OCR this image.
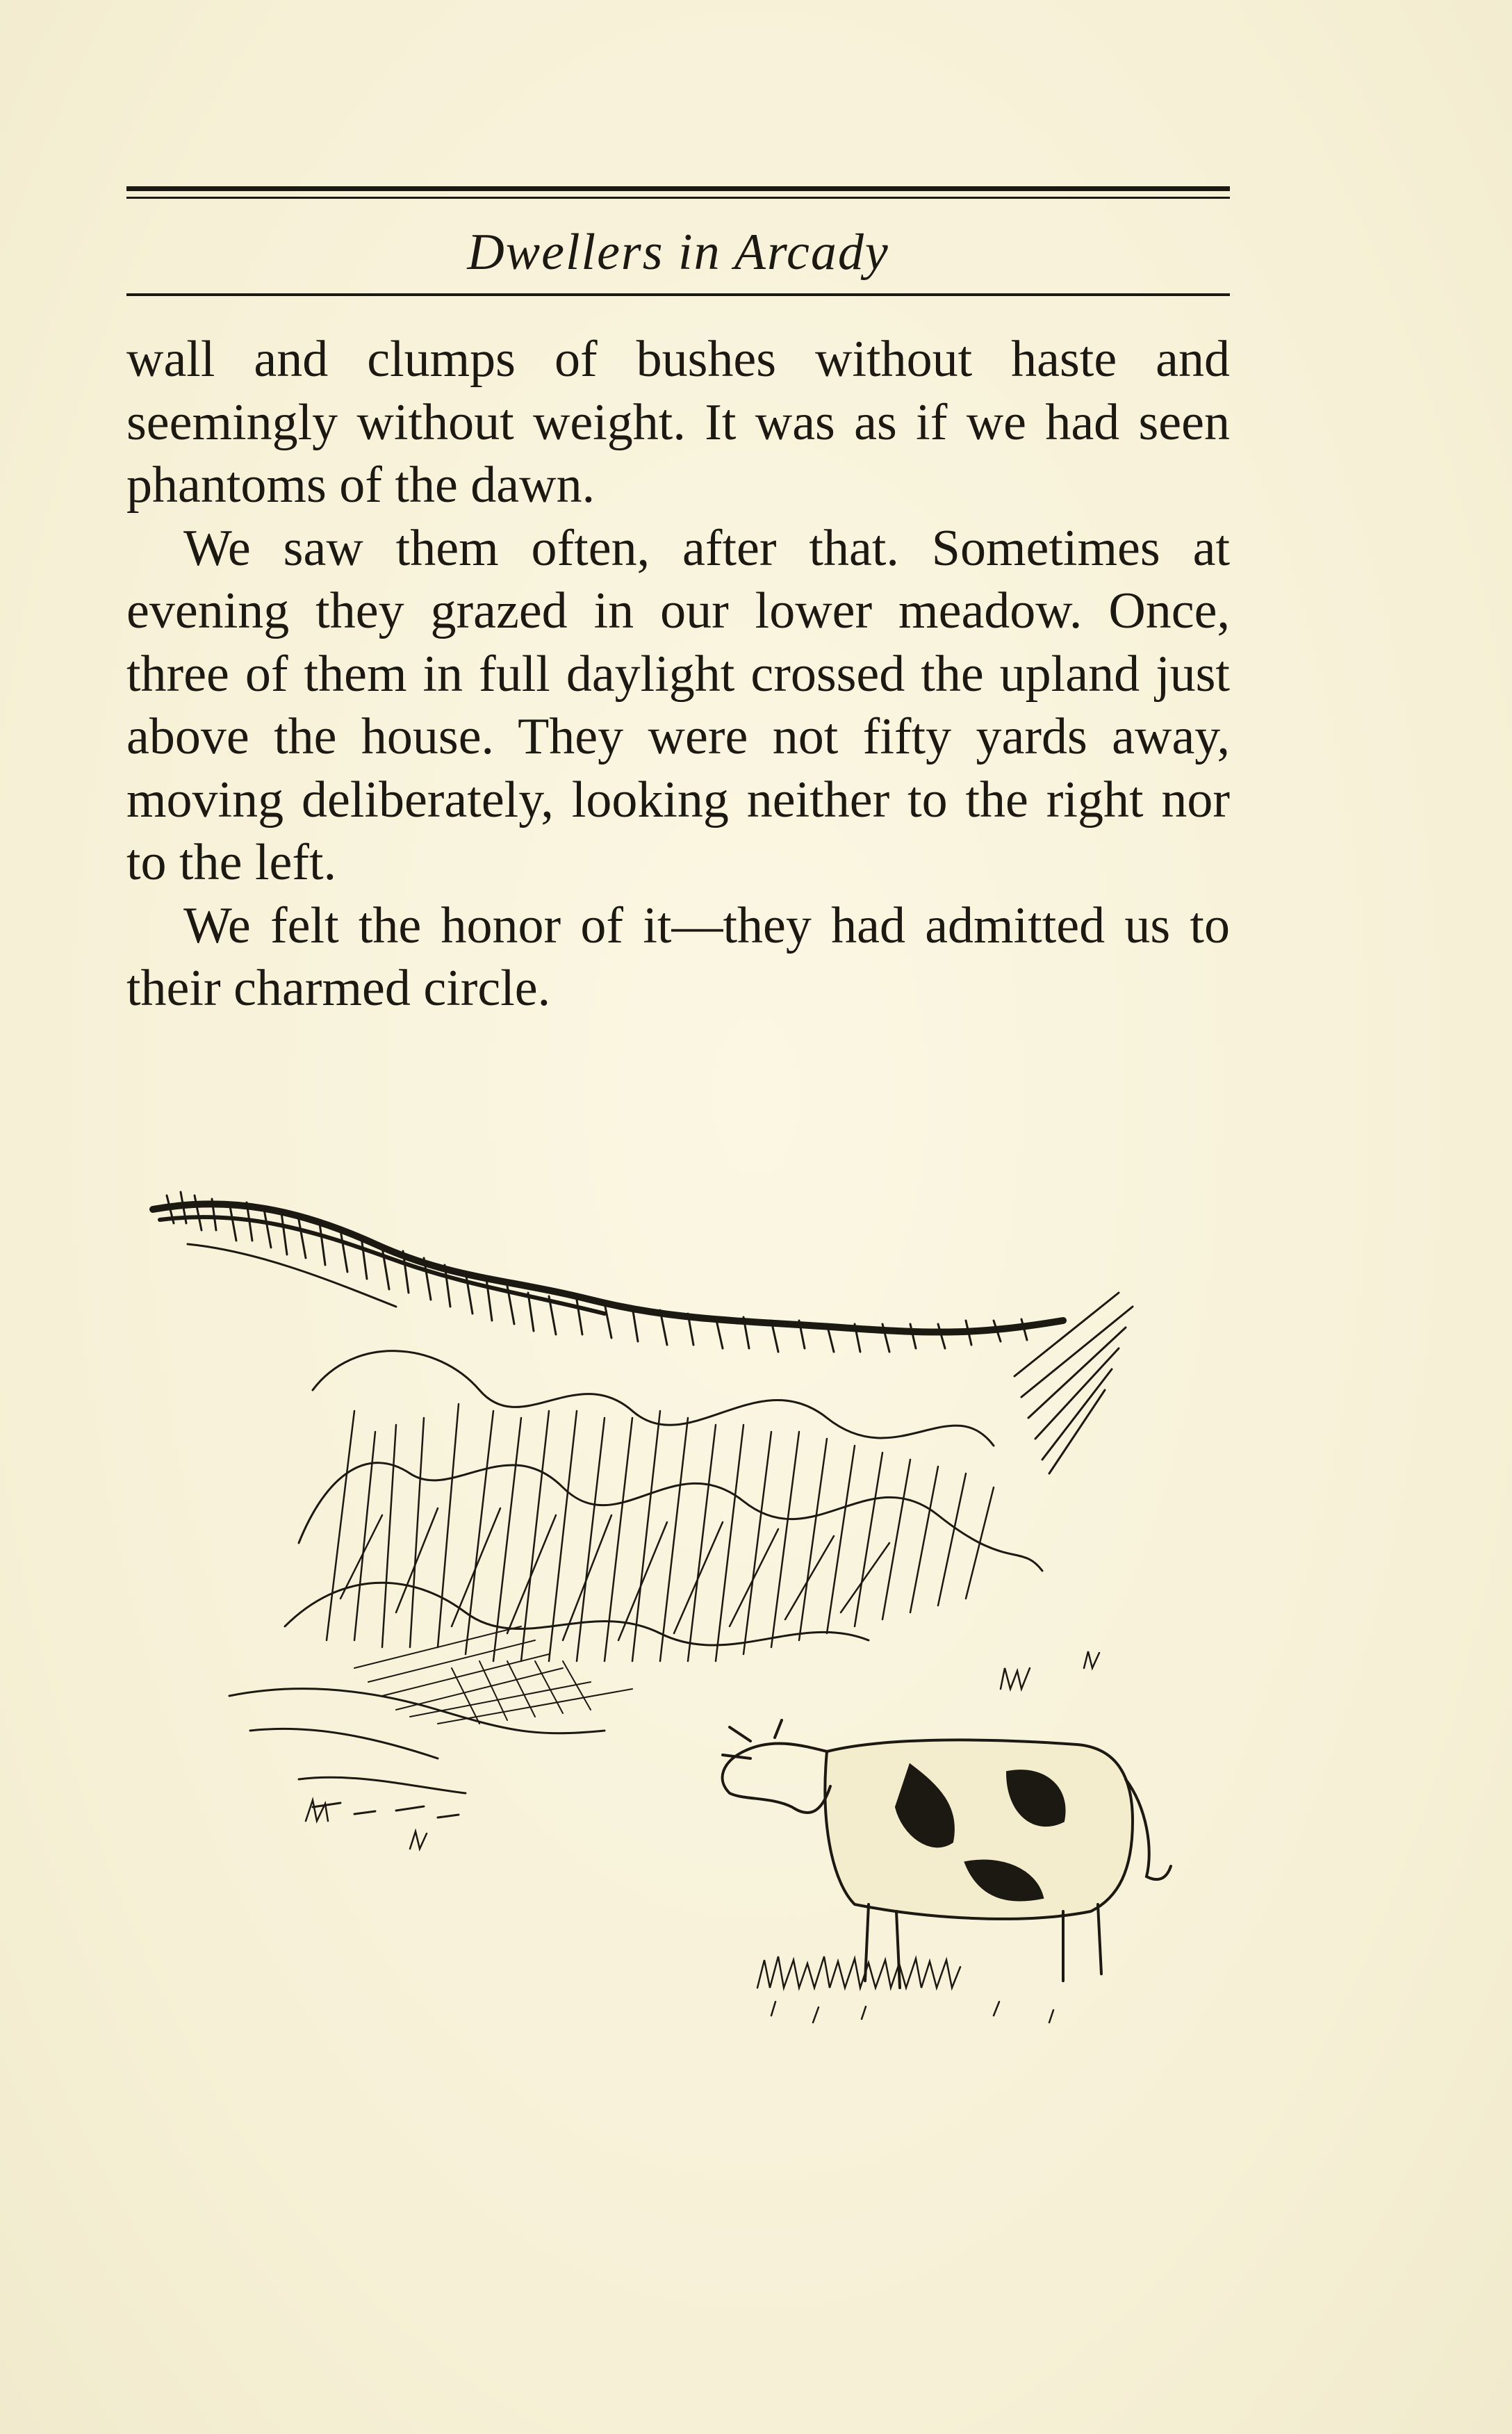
Dwellers in Arcady

wall and clumps of bushes without haste and seemingly without weight. It was as if we had seen phantoms of the dawn.

We saw them often, after that. Sometimes at evening they grazed in our lower meadow. Once, three of them in full daylight crossed the upland just above the house. They were not fifty yards away, moving deliberately, looking neither to the right nor to the left.

We felt the honor of it—they had admitted us to their charmed circle.
